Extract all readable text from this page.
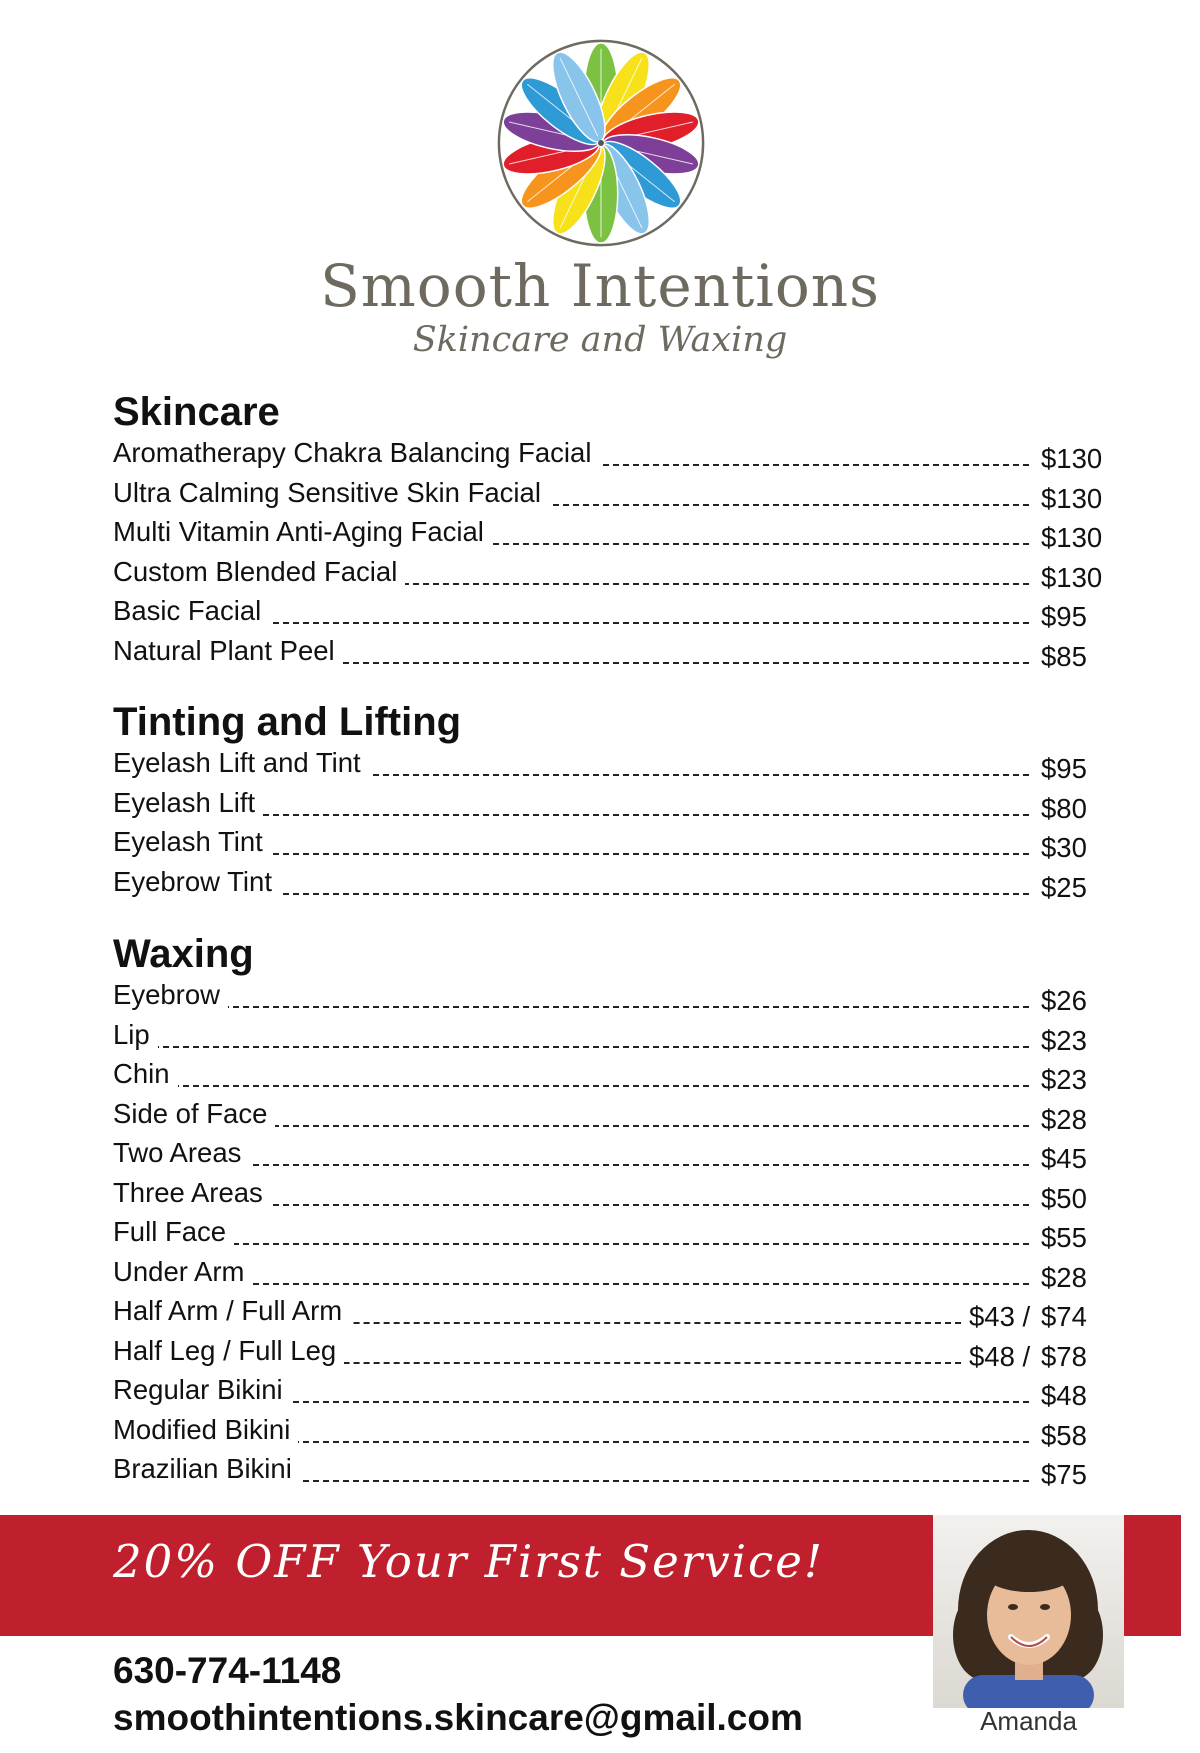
Smooth Intentions
Skincare and Waxing
Skincare
Aromatherapy Chakra Balancing Facial	$130
Ultra Calming Sensitive Skin Facial	$130
Multi Vitamin Anti-Aging Facial	$130
Custom Blended Facial	$130
Basic Facial	$95
Natural Plant Peel	$85
Tinting and Lifting
Eyelash Lift and Tint	$95
Eyelash Lift	$80
Eyelash Tint	$30
Eyebrow Tint	$25
Waxing
Eyebrow	$26
Lip	$23
Chin	$23
Side of Face	$28
Two Areas	$45
Three Areas	$50
Full Face	$55
Under Arm	$28
Half Arm / Full Arm	$43 / $74
Half Leg / Full Leg	$48 / $78
Regular Bikini	$48
Modified Bikini	$58
Brazilian Bikini	$75
20% OFF Your First Service!
Amanda
630-774-1148
smoothintentions.skincare@gmail.com
